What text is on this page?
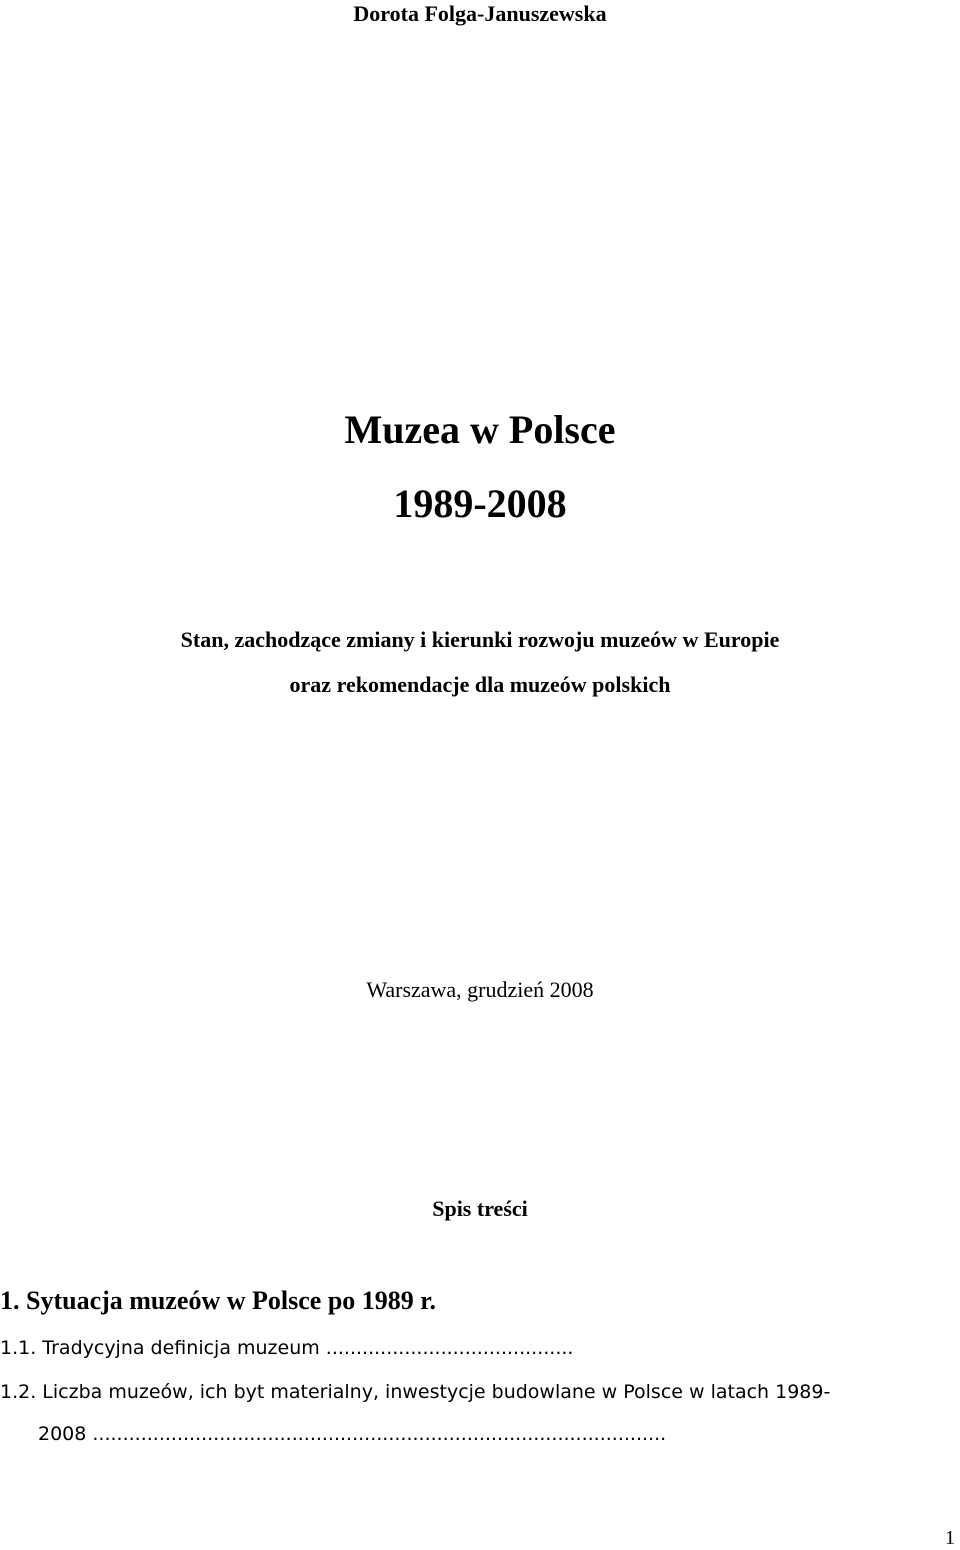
Dorota Folga-Januszewska
Muzea w Polsce
1989-2008
Stan, zachodzące zmiany i kierunki rozwoju muzeów w Europie
oraz rekomendacje dla muzeów polskich
Warszawa, grudzień 2008
Spis treści
1. Sytuacja muzeów w Polsce po 1989 r.
1.1. Tradycyjna definicja muzeum .........................................
1.2. Liczba muzeów, ich byt materialny, inwestycje budowlane w Polsce w latach 1989-
2008 ...............................................................................................
1
